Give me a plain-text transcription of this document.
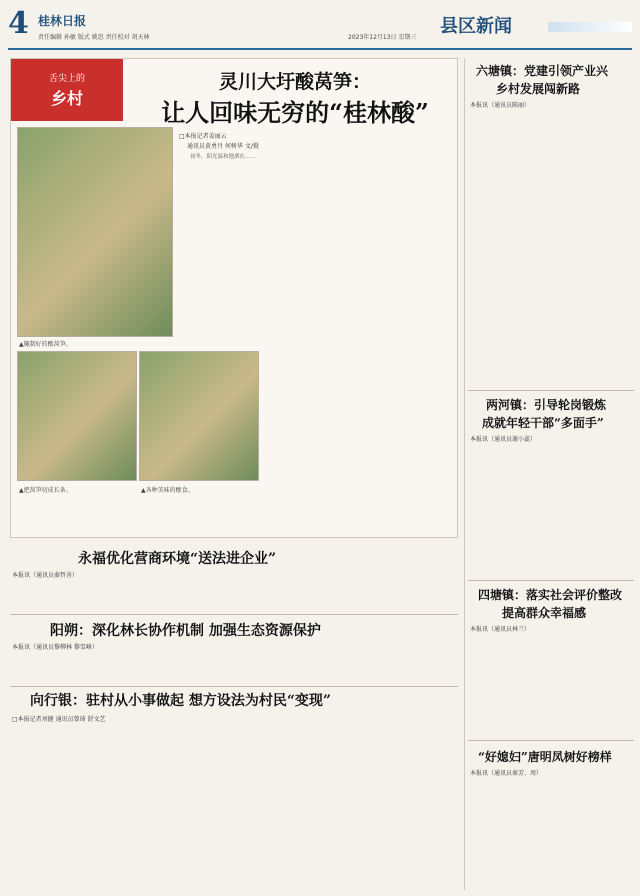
4 桂林日报
责任编辑 孙敏 版式 姚思 责任校对 胡天林	2023年12月13日 星期三
县区新闻
舌尖上的
乡村
灵川大圩酸莴笋：
让人回味无穷的“桂林酸”
□本报记者姜丽云
通讯员黄勇丹 何树华 文/摄

初冬，阳光温和地洒在……

▲腌制好的酸莴笋。
▲把莴笋切成长条。	▲各种美味的酸食。
永福优化营商环境“送法进企业”
本报讯（通讯员秦哲善）
阳朔：深化林长协作机制 加强生态资源保护
本报讯（通讯员黎柳林 黎雪峰）
向行银：驻村从小事做起 想方设法为村民“变现”
□本报记者刘健 通讯员曾琦 舒文艺
六塘镇：党建引领产业兴
乡村发展闯新路
本报讯（通讯员陈丽）
两河镇：引导轮岗锻炼
成就年轻干部“多面手”
本报讯（通讯员谢小蕊）
四塘镇：落实社会评价整改
提高群众幸福感
本报讯（通讯员林兰）
“好媳妇”唐明凤树好榜样
本报讯（通讯员秦芳、周）
